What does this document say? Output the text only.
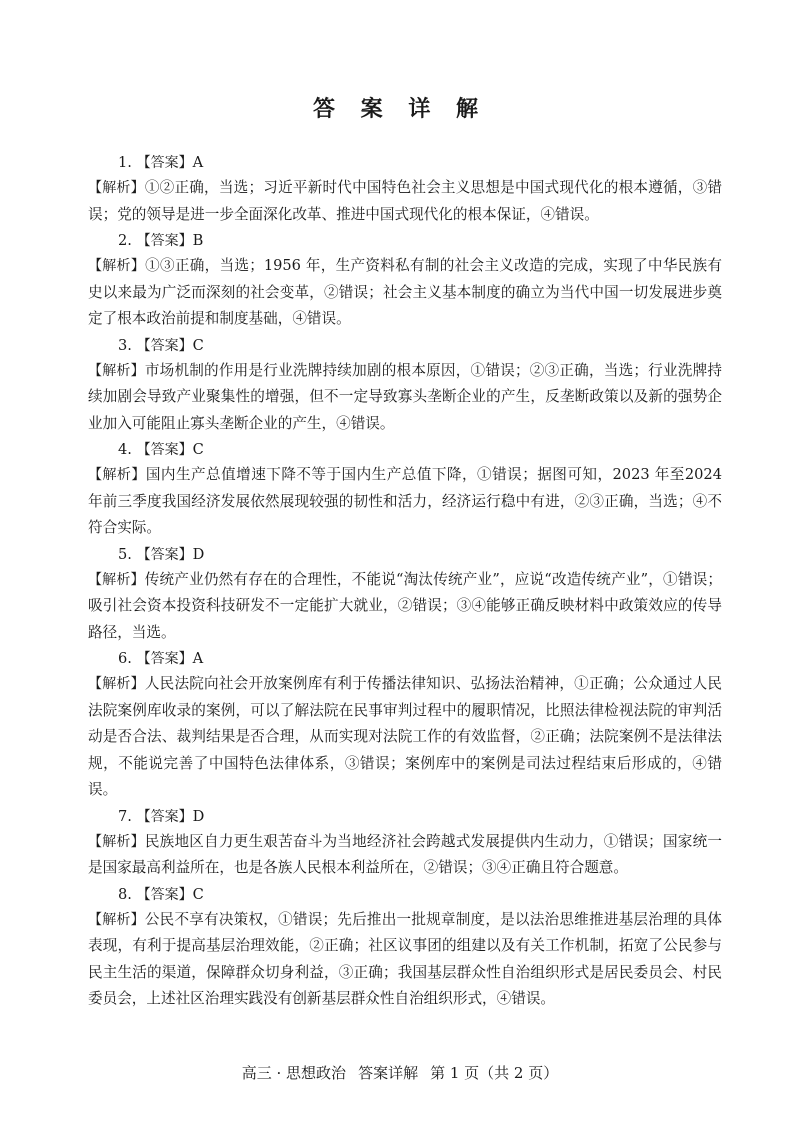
答 案 详 解

1. 【答案】A

【解析】①②正确，当选；习近平新时代中国特色社会主义思想是中国式现代化的根本遵循，③错误；党的领导是进一步全面深化改革、推进中国式现代化的根本保证，④错误。

2. 【答案】B

【解析】①③正确，当选；1956 年，生产资料私有制的社会主义改造的完成，实现了中华民族有史以来最为广泛而深刻的社会变革，②错误；社会主义基本制度的确立为当代中国一切发展进步奠定了根本政治前提和制度基础，④错误。

3. 【答案】C

【解析】市场机制的作用是行业洗牌持续加剧的根本原因，①错误；②③正确，当选；行业洗牌持续加剧会导致产业聚集性的增强，但不一定导致寡头垄断企业的产生，反垄断政策以及新的强势企业加入可能阻止寡头垄断企业的产生，④错误。

4. 【答案】C

【解析】国内生产总值增速下降不等于国内生产总值下降，①错误；据图可知，2023 年至2024 年前三季度我国经济发展依然展现较强的韧性和活力，经济运行稳中有进，②③正确，当选；④不符合实际。

5. 【答案】D

【解析】传统产业仍然有存在的合理性，不能说“淘汰传统产业”，应说“改造传统产业”，①错误；吸引社会资本投资科技研发不一定能扩大就业，②错误；③④能够正确反映材料中政策效应的传导路径，当选。

6. 【答案】A

【解析】人民法院向社会开放案例库有利于传播法律知识、弘扬法治精神，①正确；公众通过人民法院案例库收录的案例，可以了解法院在民事审判过程中的履职情况，比照法律检视法院的审判活动是否合法、裁判结果是否合理，从而实现对法院工作的有效监督，②正确；法院案例不是法律法规，不能说完善了中国特色法律体系，③错误；案例库中的案例是司法过程结束后形成的，④错误。

7. 【答案】D

【解析】民族地区自力更生艰苦奋斗为当地经济社会跨越式发展提供内生动力，①错误；国家统一是国家最高利益所在，也是各族人民根本利益所在，②错误；③④正确且符合题意。

8. 【答案】C

【解析】公民不享有决策权，①错误；先后推出一批规章制度，是以法治思维推进基层治理的具体表现，有利于提高基层治理效能，②正确；社区议事团的组建以及有关工作机制，拓宽了公民参与民主生活的渠道，保障群众切身利益，③正确；我国基层群众性自治组织形式是居民委员会、村民委员会，上述社区治理实践没有创新基层群众性自治组织形式，④错误。

高三 · 思想政治 答案详解 第 1 页（共 2 页）
